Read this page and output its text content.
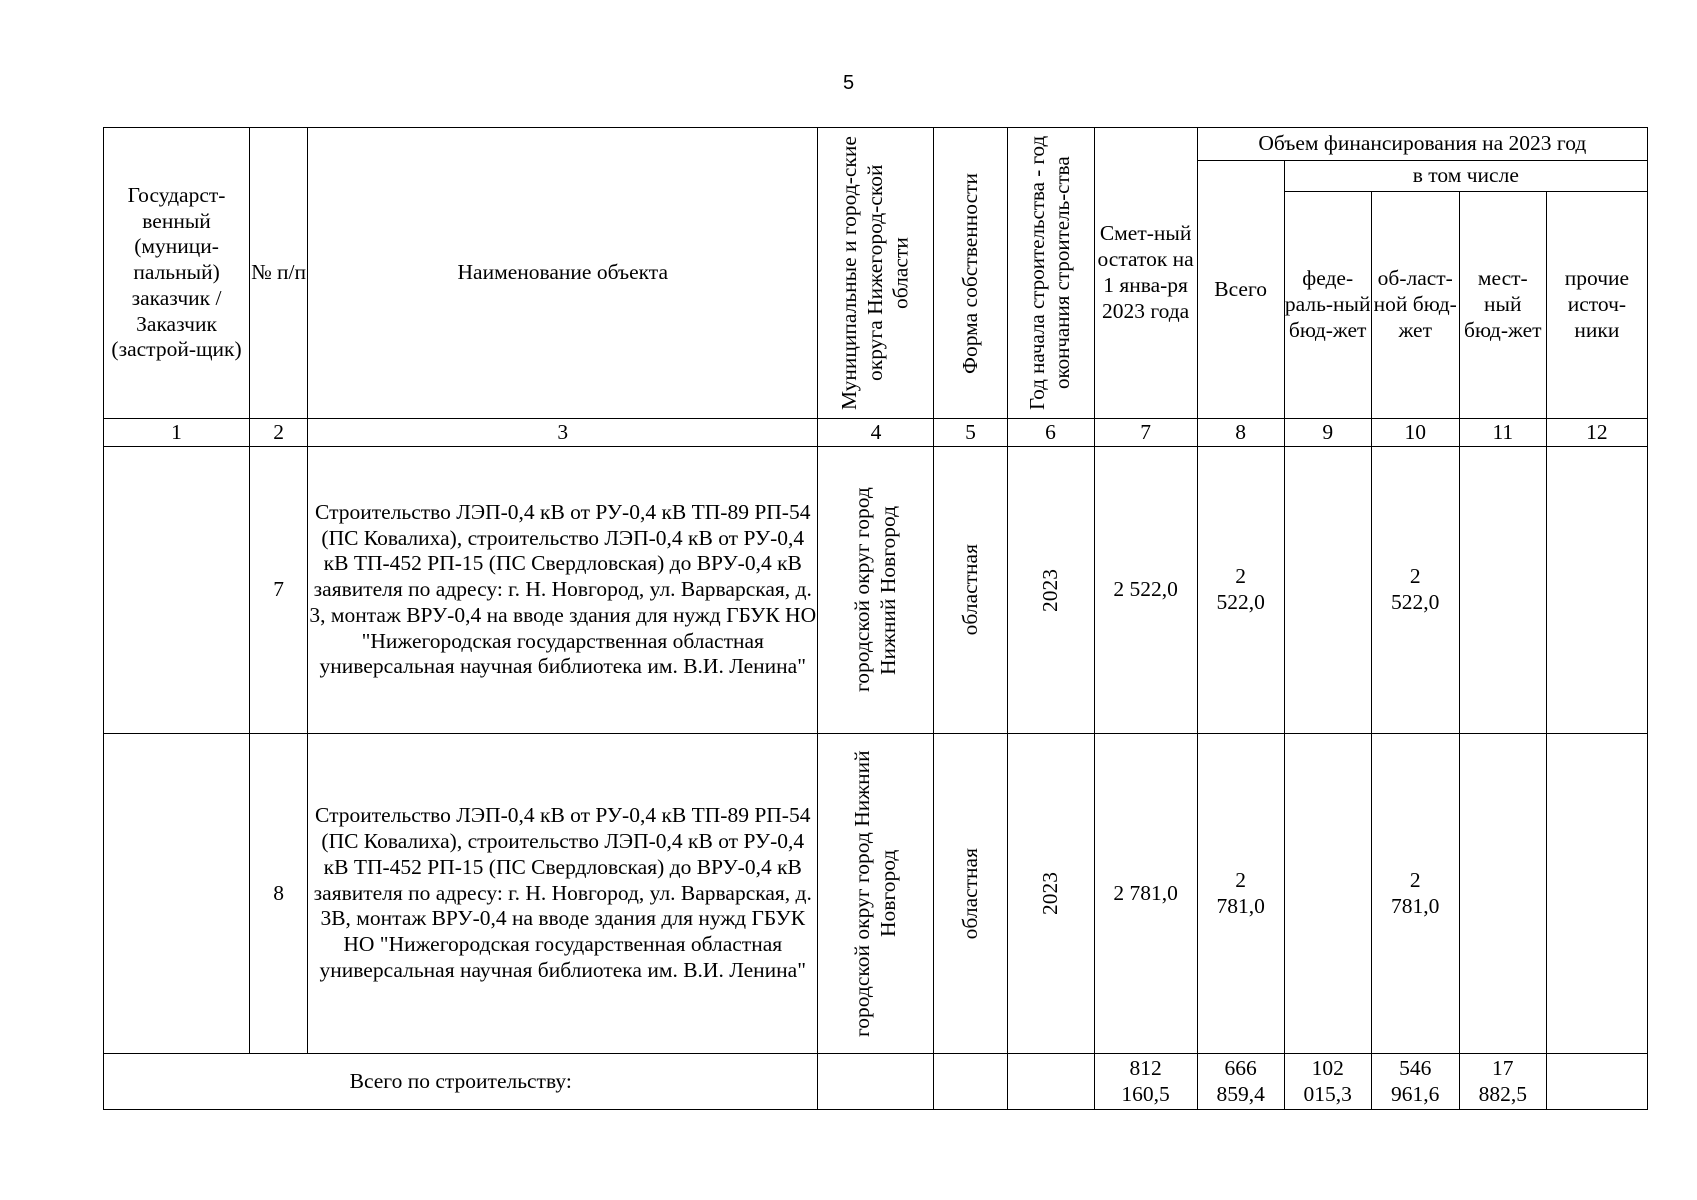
5
Государст-венный (муници-пальный) заказчик / Заказчик (застрой-щик)	№ п/п	Наименование объекта	Муниципальные и город-ские округа Нижегород-ской области	Форма собственности	Год начала строительства - год окончания строитель-ства	Смет-ный остаток на 1 янва-ря 2023 года	Объем финансирования на 2023 год				
							Всего	в том числе			
								феде-раль-ный бюд-жет	об-ласт-ной бюд-жет	мест-ный бюд-жет	прочие источ-ники
1	2	3	4	5	6	7	8	9	10	11	12
	7	Строительство ЛЭП-0,4 кВ от РУ-0,4 кВ ТП-89 РП-54 (ПС Ковалиха), строительство ЛЭП-0,4 кВ от РУ-0,4 кВ ТП-452 РП-15 (ПС Свердловская) до ВРУ-0,4 кВ заявителя по адресу: г. Н. Новгород, ул. Варварская, д. 3, монтаж ВРУ-0,4 на вводе здания для нужд ГБУК НО "Нижегородская государственная областная универсальная научная библиотека им. В.И. Ленина"	городской округ город Нижний Новгород	областная	2023	2 522,0	2 522,0		2 522,0		
	8	Строительство ЛЭП-0,4 кВ от РУ-0,4 кВ ТП-89 РП-54 (ПС Ковалиха), строительство ЛЭП-0,4 кВ от РУ-0,4 кВ ТП-452 РП-15 (ПС Свердловская) до ВРУ-0,4 кВ заявителя по адресу: г. Н. Новгород, ул. Варварская, д. 3В, монтаж ВРУ-0,4 на вводе здания для нужд ГБУК НО "Нижегородская государственная областная универсальная научная библиотека им. В.И. Ленина"	городской округ город Нижний Новгород	областная	2023	2 781,0	2 781,0		2 781,0		
Всего по строительству:						812 160,5	666 859,4	102 015,3	546 961,6	17 882,5	
